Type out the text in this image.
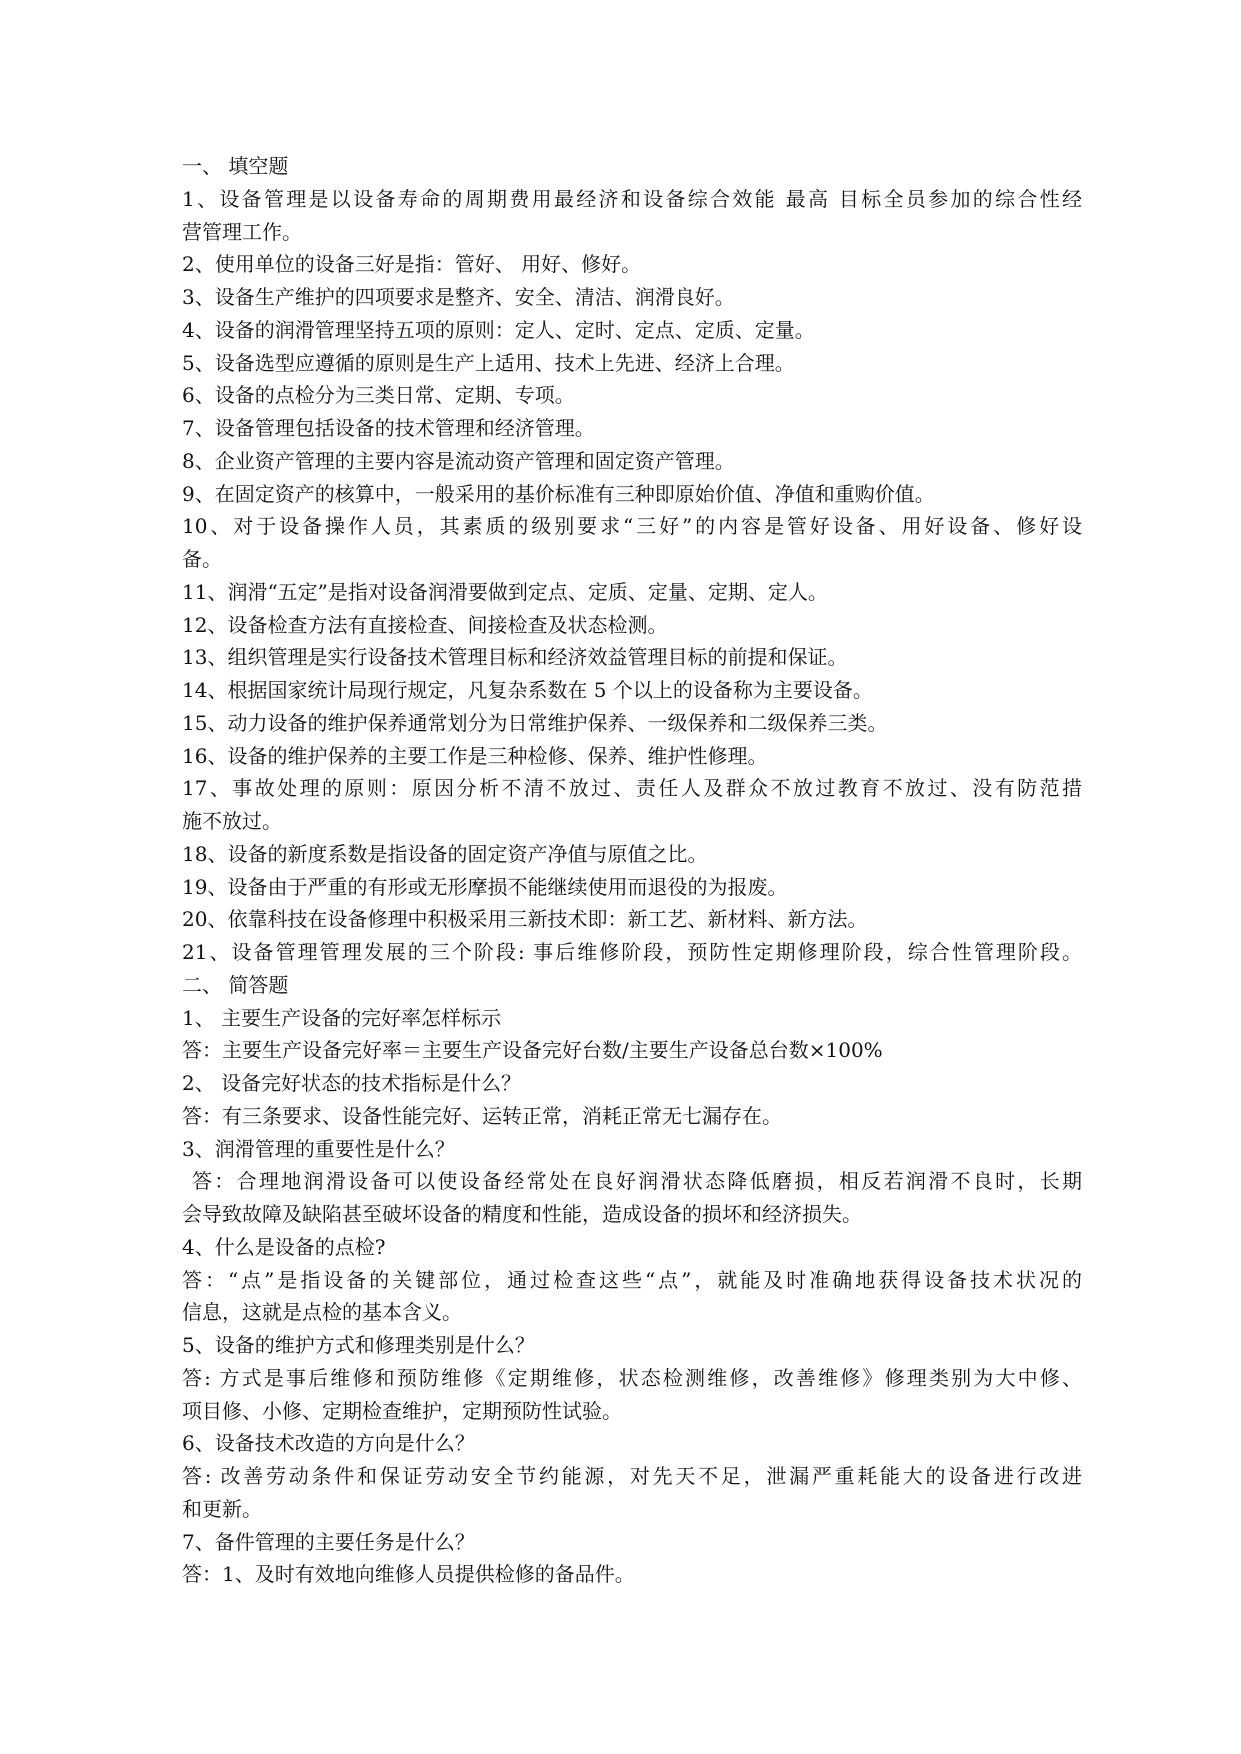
一、 填空题
1、设备管理是以设备寿命的周期费用最经济和设备综合效能 最高 目标全员参加的综合性经
营管理工作。
2、使用单位的设备三好是指：管好、 用好、修好。
3、设备生产维护的四项要求是整齐、安全、清洁、润滑良好。
4、设备的润滑管理坚持五项的原则：定人、定时、定点、定质、定量。
5、设备选型应遵循的原则是生产上适用、技术上先进、经济上合理。
6、设备的点检分为三类日常、定期、专项。
7、设备管理包括设备的技术管理和经济管理。
8、企业资产管理的主要内容是流动资产管理和固定资产管理。
9、在固定资产的核算中，一般采用的基价标准有三种即原始价值、净值和重购价值。
10、对于设备操作人员，其素质的级别要求“三好”的内容是管好设备、用好设备、修好设
备。
11、润滑“五定”是指对设备润滑要做到定点、定质、定量、定期、定人。
12、设备检查方法有直接检查、间接检查及状态检测。
13、组织管理是实行设备技术管理目标和经济效益管理目标的前提和保证。
14、根据国家统计局现行规定，凡复杂系数在 5 个以上的设备称为主要设备。
15、动力设备的维护保养通常划分为日常维护保养、一级保养和二级保养三类。
16、设备的维护保养的主要工作是三种检修、保养、维护性修理。
17、事故处理的原则：原因分析不清不放过、责任人及群众不放过教育不放过、没有防范措
施不放过。
18、设备的新度系数是指设备的固定资产净值与原值之比。
19、设备由于严重的有形或无形摩损不能继续使用而退役的为报废。
20、依靠科技在设备修理中积极采用三新技术即：新工艺、新材料、新方法。
21、设备管理管理发展的三个阶段: 事后维修阶段，预防性定期修理阶段，综合性管理阶段。
二、 简答题
1、 主要生产设备的完好率怎样标示
答：主要生产设备完好率＝主要生产设备完好台数/主要生产设备总台数×100%
2、 设备完好状态的技术指标是什么？
答：有三条要求、设备性能完好、运转正常，消耗正常无七漏存在。
3、润滑管理的重要性是什么？
答：合理地润滑设备可以使设备经常处在良好润滑状态降低磨损，相反若润滑不良时，长期
会导致故障及缺陷甚至破坏设备的精度和性能，造成设备的损坏和经济损失。
4、什么是设备的点检?
答：“点”是指设备的关键部位，通过检查这些“点”，就能及时准确地获得设备技术状况的
信息，这就是点检的基本含义。
5、设备的维护方式和修理类别是什么？
答: 方式是事后维修和预防维修《定期维修，状态检测维修，改善维修》修理类别为大中修、
项目修、小修、定期检查维护，定期预防性试验。
6、设备技术改造的方向是什么？
答: 改善劳动条件和保证劳动安全节约能源，对先天不足，泄漏严重耗能大的设备进行改进
和更新。
7、备件管理的主要任务是什么？
答：1、及时有效地向维修人员提供检修的备品件。
